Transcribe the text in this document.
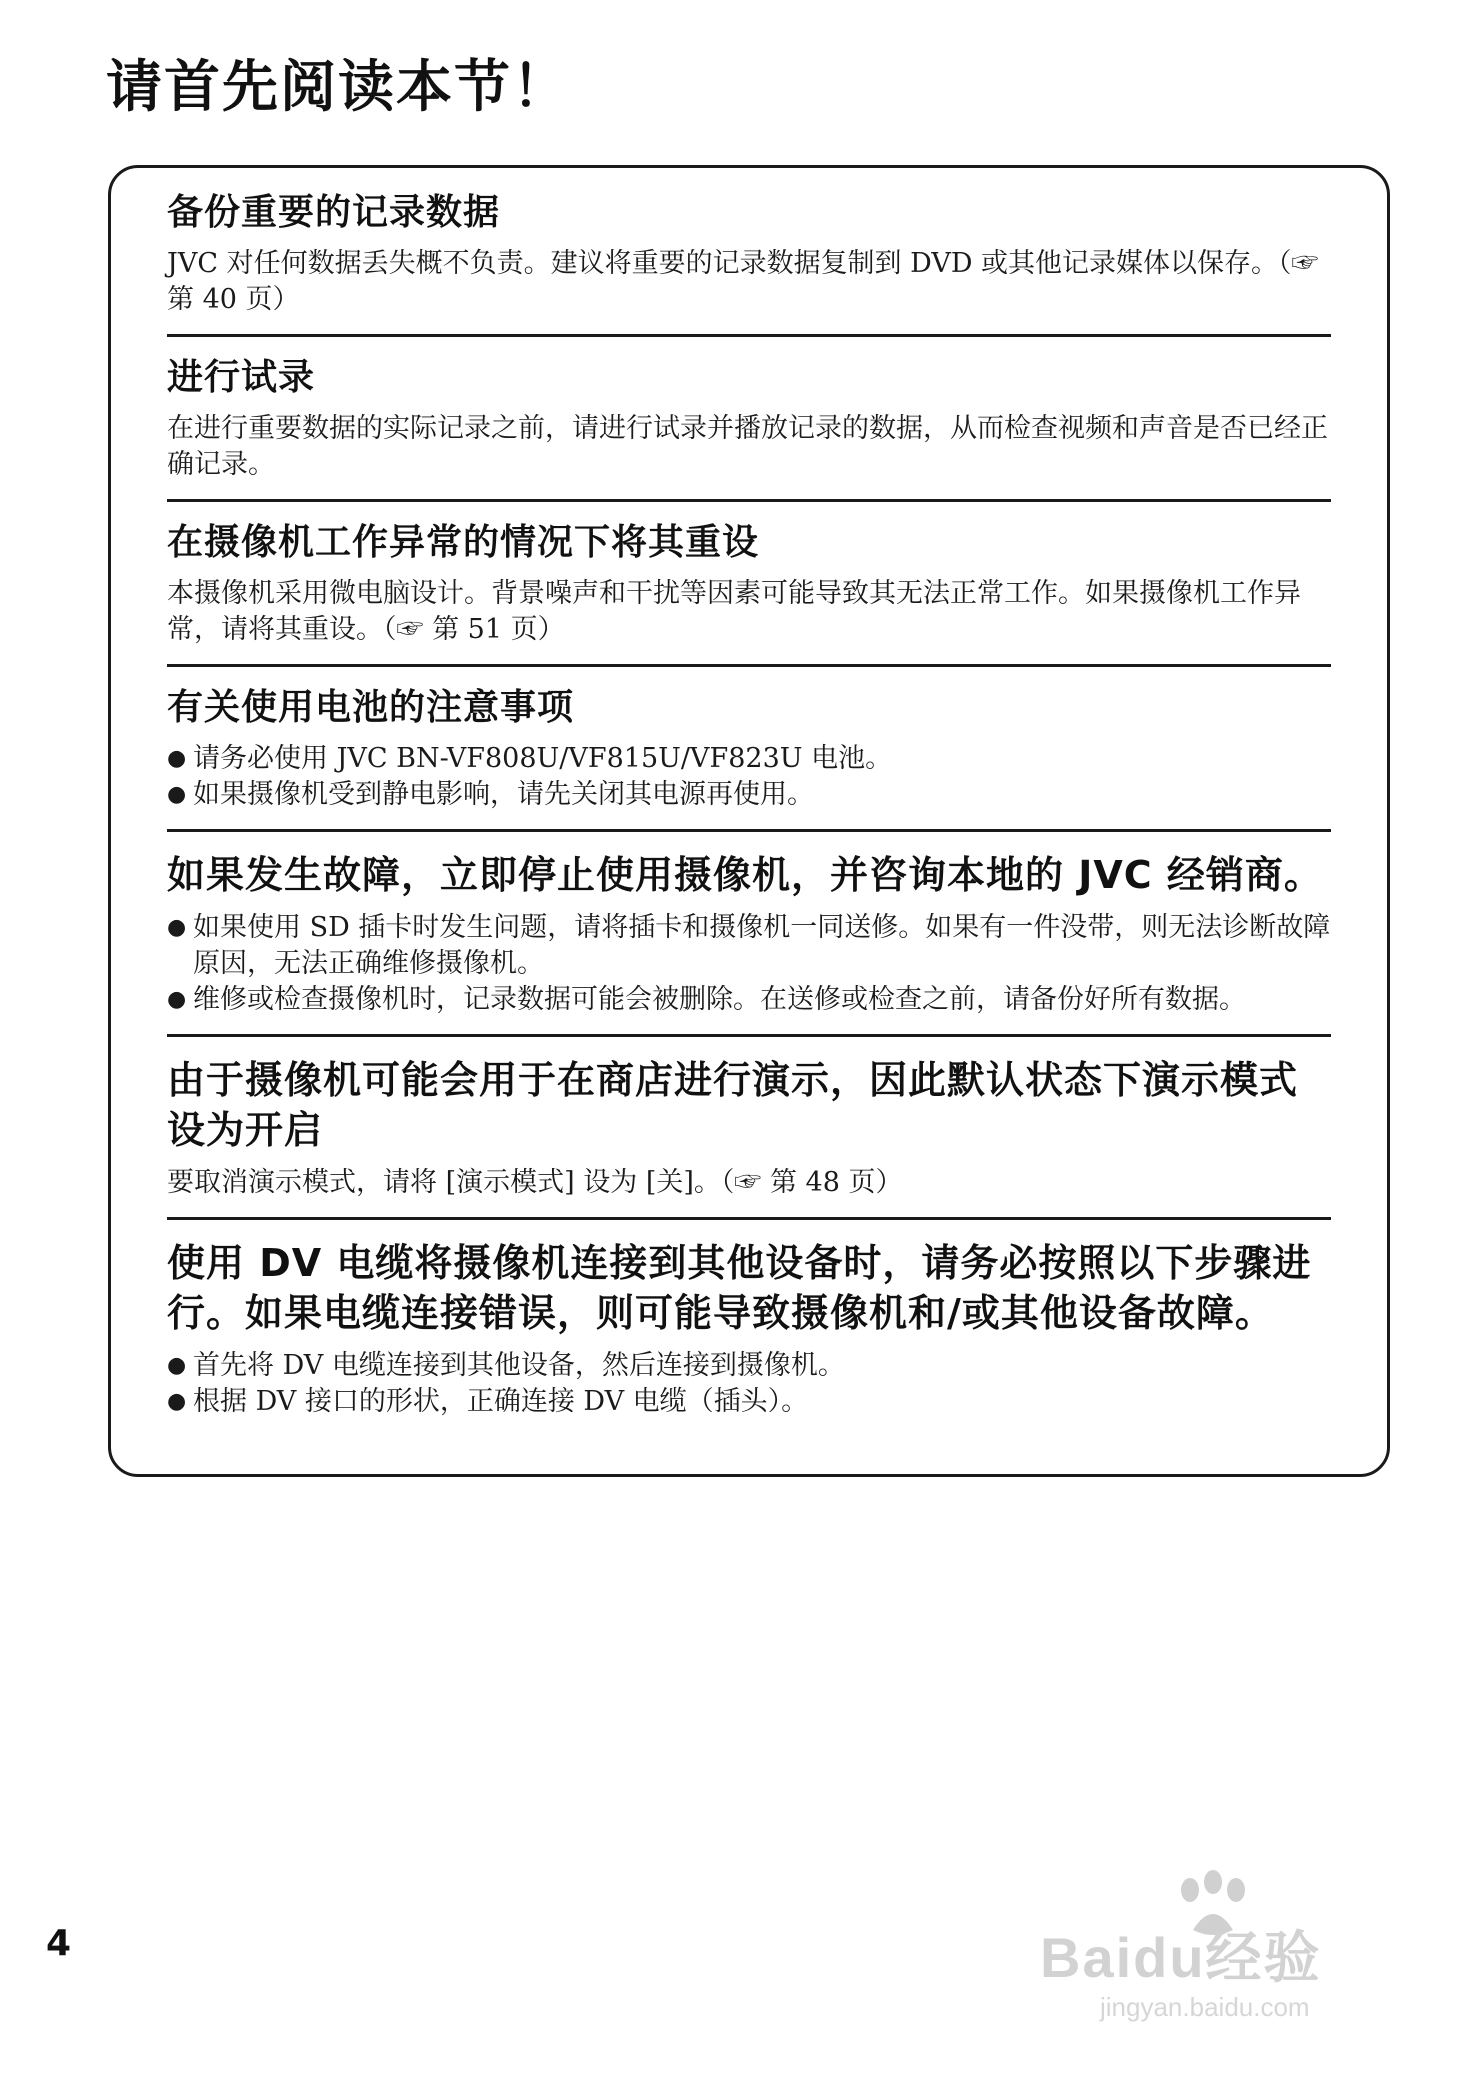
请首先阅读本节！
备份重要的记录数据

JVC 对任何数据丢失概不负责。建议将重要的记录数据复制到 DVD 或其他记录媒体以保存。（☞ 第 40 页）

进行试录

在进行重要数据的实际记录之前，请进行试录并播放记录的数据，从而检查视频和声音是否已经正确记录。

在摄像机工作异常的情况下将其重设

本摄像机采用微电脑设计。背景噪声和干扰等因素可能导致其无法正常工作。如果摄像机工作异常，请将其重设。（☞ 第 51 页）

有关使用电池的注意事项
● 请务必使用 JVC BN-VF808U/VF815U/VF823U 电池。
● 如果摄像机受到静电影响，请先关闭其电源再使用。
如果发生故障，立即停止使用摄像机，并咨询本地的 JVC 经销商。
● 如果使用 SD 插卡时发生问题，请将插卡和摄像机一同送修。如果有一件没带，则无法诊断故障原因，无法正确维修摄像机。
● 维修或检查摄像机时，记录数据可能会被删除。在送修或检查之前，请备份好所有数据。
由于摄像机可能会用于在商店进行演示，因此默认状态下演示模式设为开启

要取消演示模式，请将 [演示模式] 设为 [关]。（☞ 第 48 页）

使用 DV 电缆将摄像机连接到其他设备时，请务必按照以下步骤进行。如果电缆连接错误，则可能导致摄像机和/或其他设备故障。
● 首先将 DV 电缆连接到其他设备，然后连接到摄像机。
● 根据 DV 接口的形状，正确连接 DV 电缆（插头）。
4	Baidu经验
jingyan.baidu.com
